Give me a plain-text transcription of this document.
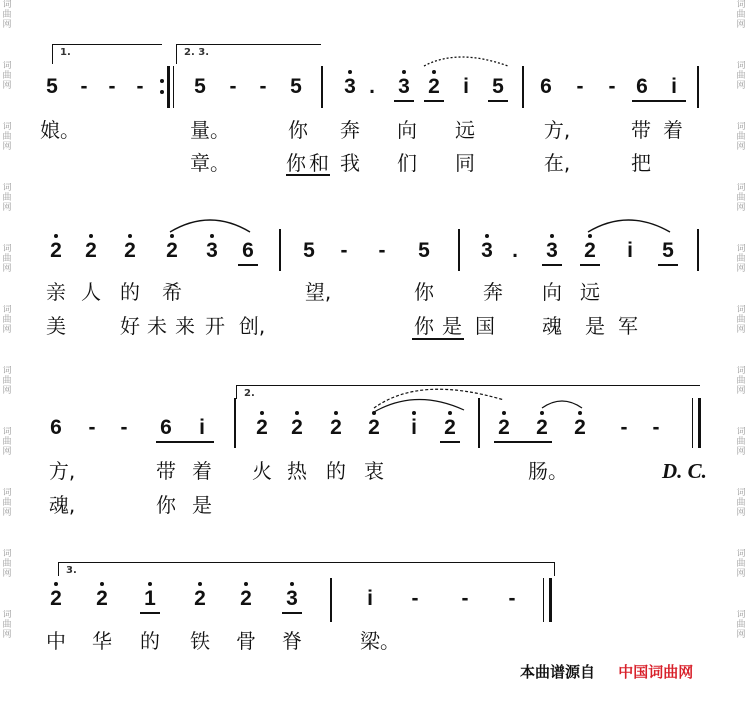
词曲网
词曲网
词曲网
词曲网
词曲网
词曲网
词曲网
词曲网
词曲网
词曲网
词曲网
词曲网
词曲网
词曲网
词曲网
词曲网
词曲网
词曲网
词曲网
词曲网
词曲网
词曲网
1.	2. 3.
5 - - - 5 - - 5 3 . 3 2 i 5 6 - - 6 i
娘。	量。	你 奔 向 远	方,	带 着
章。	你 和 我 们 同	在,	把
2 2 2 2 3 6 5 - - 5 3 . 3 2 i 5
亲 人 的 希	望,	你 奔 向 远
美	好 未 来 开 创,	你 是 国 魂 是 军
6 - - 6 i
2.
2 2 2 2 i 2 2 2 2 - -
方,	带 着 火 热 的 衷	肠。	D. C.
魂,	你 是
3.
2 2 1 2 2 3	i - - -
中 华 的 铁 骨 脊	梁。
本曲谱源自 中国词曲网
